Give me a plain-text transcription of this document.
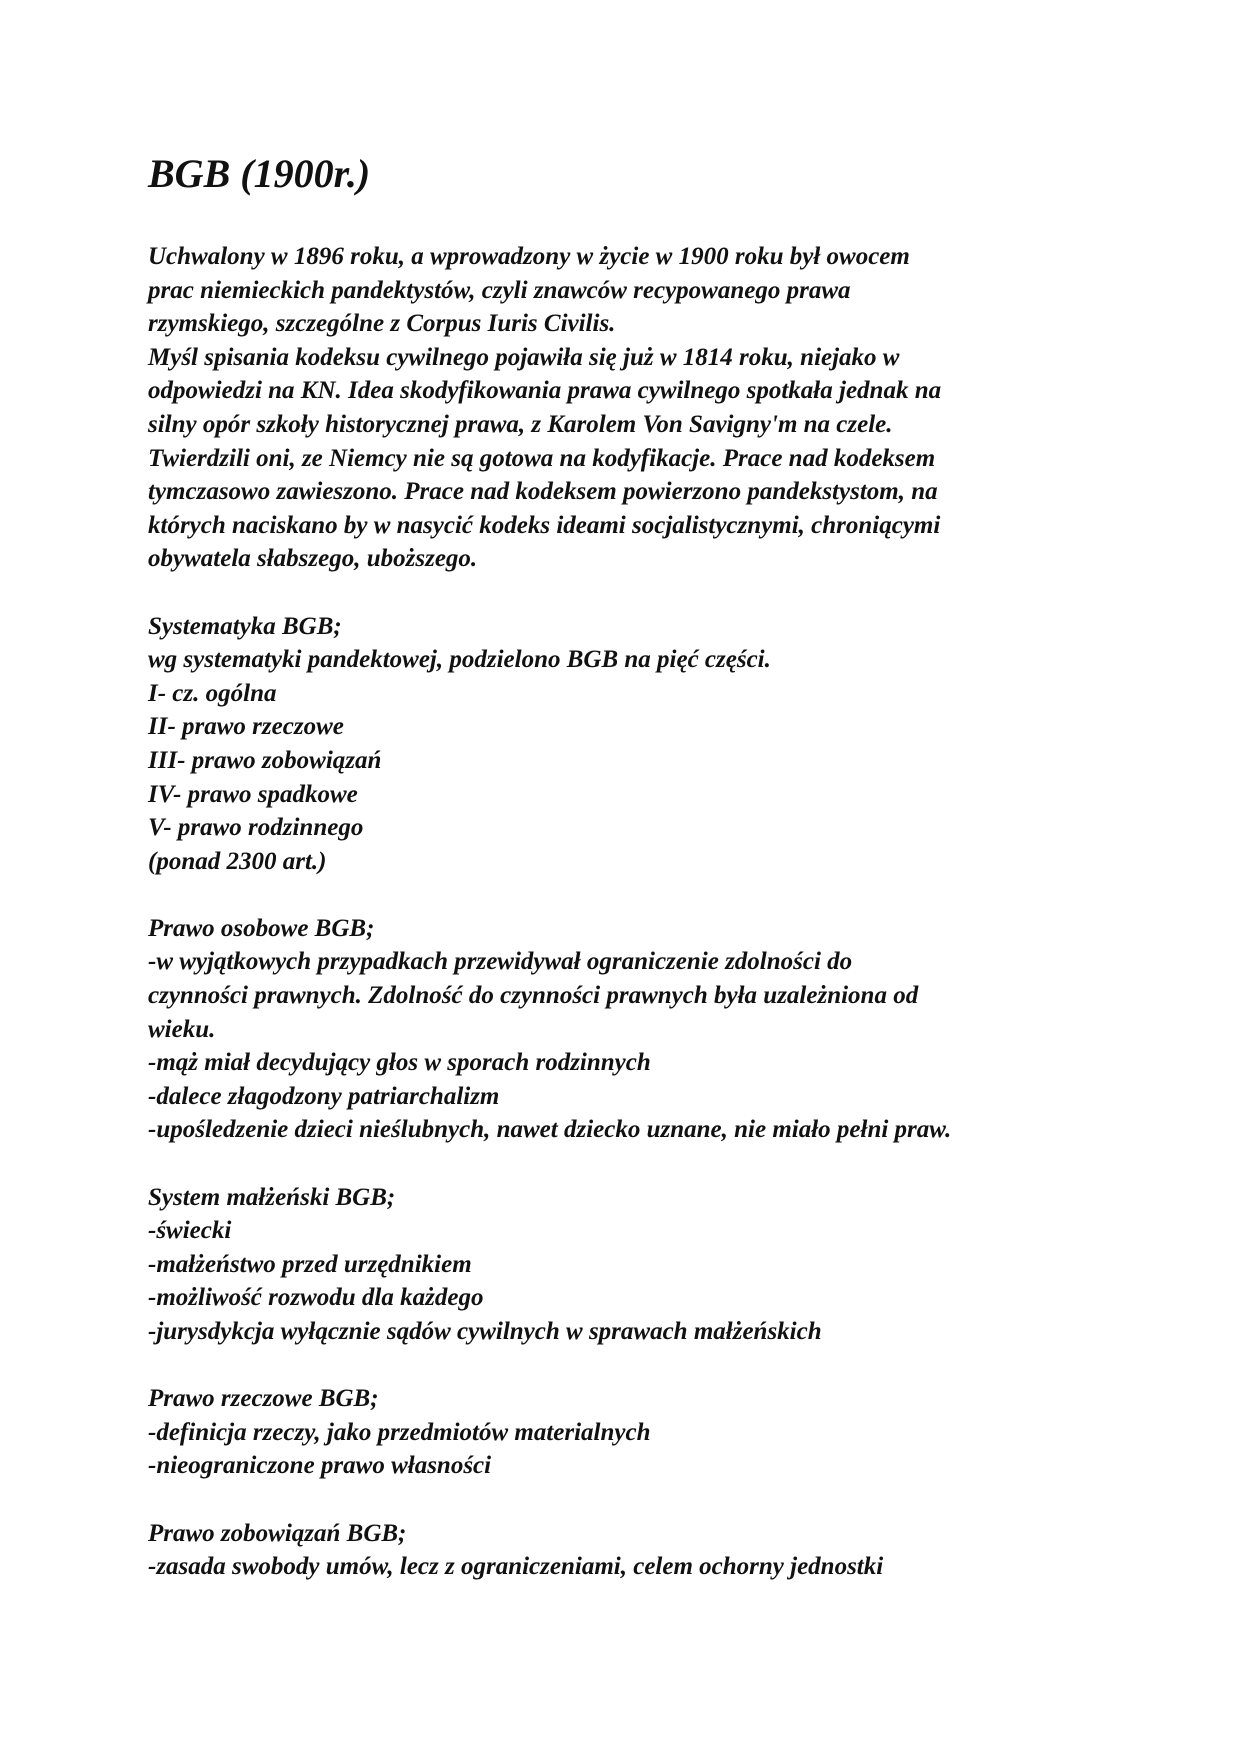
BGB (1900r.)
Uchwalony w 1896 roku, a wprowadzony w życie w 1900 roku był owocem
prac niemieckich pandektystów, czyli znawców recypowanego prawa
rzymskiego, szczególne z Corpus Iuris Civilis.
Myśl spisania kodeksu cywilnego pojawiła się już w 1814 roku, niejako w
odpowiedzi na KN. Idea skodyfikowania prawa cywilnego spotkała jednak na
silny opór szkoły historycznej prawa, z Karolem Von Savigny'm na czele.
Twierdzili oni, ze Niemcy nie są gotowa na kodyfikacje. Prace nad kodeksem
tymczasowo zawieszono. Prace nad kodeksem powierzono pandekstystom, na
których naciskano by w nasycić kodeks ideami socjalistycznymi, chroniącymi
obywatela słabszego, uboższego.
Systematyka BGB;
wg systematyki pandektowej, podzielono BGB na pięć części.
I- cz. ogólna
II- prawo rzeczowe
III- prawo zobowiązań
IV- prawo spadkowe
V- prawo rodzinnego
(ponad 2300 art.)
Prawo osobowe BGB;
-w wyjątkowych przypadkach przewidywał ograniczenie zdolności do
czynności prawnych. Zdolność do czynności prawnych była uzależniona od
wieku.
-mąż miał decydujący głos w sporach rodzinnych
-dalece złagodzony patriarchalizm
-upośledzenie dzieci nieślubnych, nawet dziecko uznane, nie miało pełni praw.
System małżeński BGB;
-świecki
-małżeństwo przed urzędnikiem
-możliwość rozwodu dla każdego
-jurysdykcja wyłącznie sądów cywilnych w sprawach małżeńskich
Prawo rzeczowe BGB;
-definicja rzeczy, jako przedmiotów materialnych
-nieograniczone prawo własności
Prawo zobowiązań BGB;
-zasada swobody umów, lecz z ograniczeniami, celem ochorny jednostki
